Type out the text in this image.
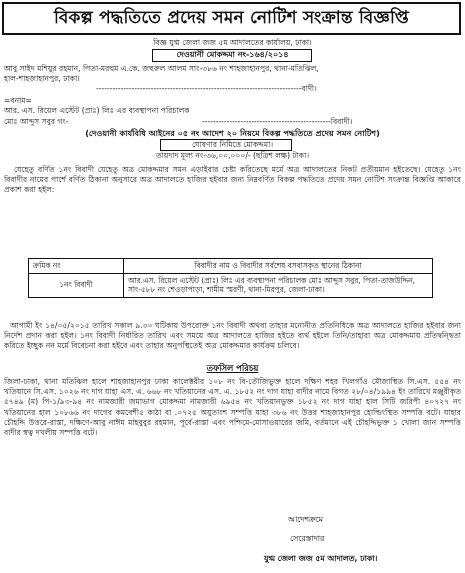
বিকল্প পদ্ধতিতে প্রদেয় সমন নোটিশ সংক্রান্ত বিজ্ঞপ্তি
বিজ্ঞ যুগ্ম জেলা জজ ৫ম আদালতের কার্যালয়, ঢাকা।
দেওয়ানী মোকদ্দমা নং-১৬৪/২০১৪
আবু সাইদ মশিয়ুর রহমান, পিতা-মরহুম এ.কে. জহুরুল আলম সাং-৩৮৬ নং শাহজাহানপুর, থানা-মতিঝিল,
হাল-শাহজাহানপুর, ঢাকা।
---------------------------------------------------------------------------বাদী।
=বনাম=
আর. এস. রিয়েল এস্টেট (প্রাঃ) লিঃ এর ব্যবস্থাপনা পরিচালক
মোঃ আব্দুস সবুর গং-	-----------------------------------------------বিবাদী।
(দেওয়ানী কার্যবিধি আইনের ০৫ নং আদেশ ২০ নিয়মে বিকল্প পদ্ধতিতে প্রদেয় সমন নোটিশ)
ঘোষণার নিমিত্তে মোকদ্দমা।
তায়দাদ মূল্য নং-৩৬,০০,০০০/- (ছত্রিশ লক্ষ) টাকা।
যেহেতু বর্ণিত ১নং বিবাদী যেহেতু অত্র মোকদ্দমার সমন এড়াইবার চেষ্টা করিতেছে মর্মে অত্র আদালতের নিকট প্রতীয়মান হইতেছে। যেহেতু ১নং বিবাদীর নামের পার্শে বর্ণিত ঠিকানা অনুসারে অত্র আদালতে হাজির হইবার জন্য নিম্নবর্ণিত বিকল্প পদ্ধতিতে প্রদেয় সমন নোটিশ সংক্রান্ত বিজ্ঞপ্তি আকারে প্রকাশ করা হইল:
ক্রমিক নং	বিবাদীর নাম ও বিবাদীর সর্বশেষ বসবাসকৃত স্থানের ঠিকানা
১নং বিবাদী	আর.এস. রিয়েল এস্টেট (প্রাঃ) লিঃ এর ব্যবস্থাপনা পরিচালক মোঃ আব্দুস সবুর, পিতা-তাজউদ্দিন, সাং-৫৮৮ নং শেওড়াপাড়া, শামীম স্মরণী, থানা-মিরপুর, জেলা-ঢাকা।
আগামী ইং ১৪/০৫/২০১৫ তারিখ সকাল ৯.৩০ ঘটিকায় উপরোক্ত ১নং বিবাদী অথবা তাহার মনোনীত প্রতিনিধিকে অত্র আদালতে হাজির হইবার জন্য নির্দেশ প্রদান করা হইল। ১নং বিবাদী নির্ধারিত তারিখ এবং সময়ে অত্র আদালতে হাজির হইতে ব্যর্থ হইলে তিনি/তাহারা অত্র মোকদ্দমায় প্রতিদ্বন্দ্বিতা করিতে ইচ্ছুক নন মর্মে বিবেচনা করা হইবে এবং তাহার অনুপস্থিতেই অত্র মোকদ্দমার কার্যক্রম চলিবে।
তফসিল পরিচয়
জিলা-ঢাকা, থানা মতিঝিল হালে শাহজাহানপুর ঢাকা কালেক্টরীর ১০৮ নং বি-তৌজিভুক্ত হালে দক্ষিণ শহর খিলগাঁও মৌজাস্থিত সি.এস. ৫৫৪ নং খতিয়ানে সি.এস. ১০২৬ নং দাগ যাহা এস. এ. ৬৬৮ নং খতিয়ানের এস. এ. ১৮৫২ নং দাগ যাহা বাদীর নামে বিগত ২৮/০৪/১৯৯৪ ইং তারিখে মঞ্জুরীকৃত ৫৭৪৯ (ম) পি-১/৯৩-৯৪ নং নামজারী জমাভাগ মোকদ্দমা নামজারী ৬৯৫৪ নং খতিয়ানভুক্ত ১৮৫২ নং দাগ যাহা হাল সিটি জরিপী ৪০৭২৭ নং খতিয়ানের হাল ১০৮৬৬ নং দাগের কমবেশী৫ কাঠা বা .০৭২৫ অযুতাংশ সম্পত্তি যাহা ৩৮৬ নং উত্তর শাহজাহানপুর হোল্ডিংস্থিত সম্পত্তি বটে। যাহার চৌহদ্দি উত্তরে-রাস্তা, দক্ষিণে-আবু নাঈম মাহবুবুর রহমান, পূর্বে-রাস্তা এবং পশ্চিমে-মোসাওয়ারের জমি, বর্তমানে এই চৌহদ্দিভুক্ত ১ খোলা জান সম্পত্তি বাদীর স্বত্ব দখলীয় সম্পত্তি বটে।
আদেশক্রমে
সেরেস্তাদার
যুগ্ম জেলা জজ ৫ম আদালত, ঢাকা।
